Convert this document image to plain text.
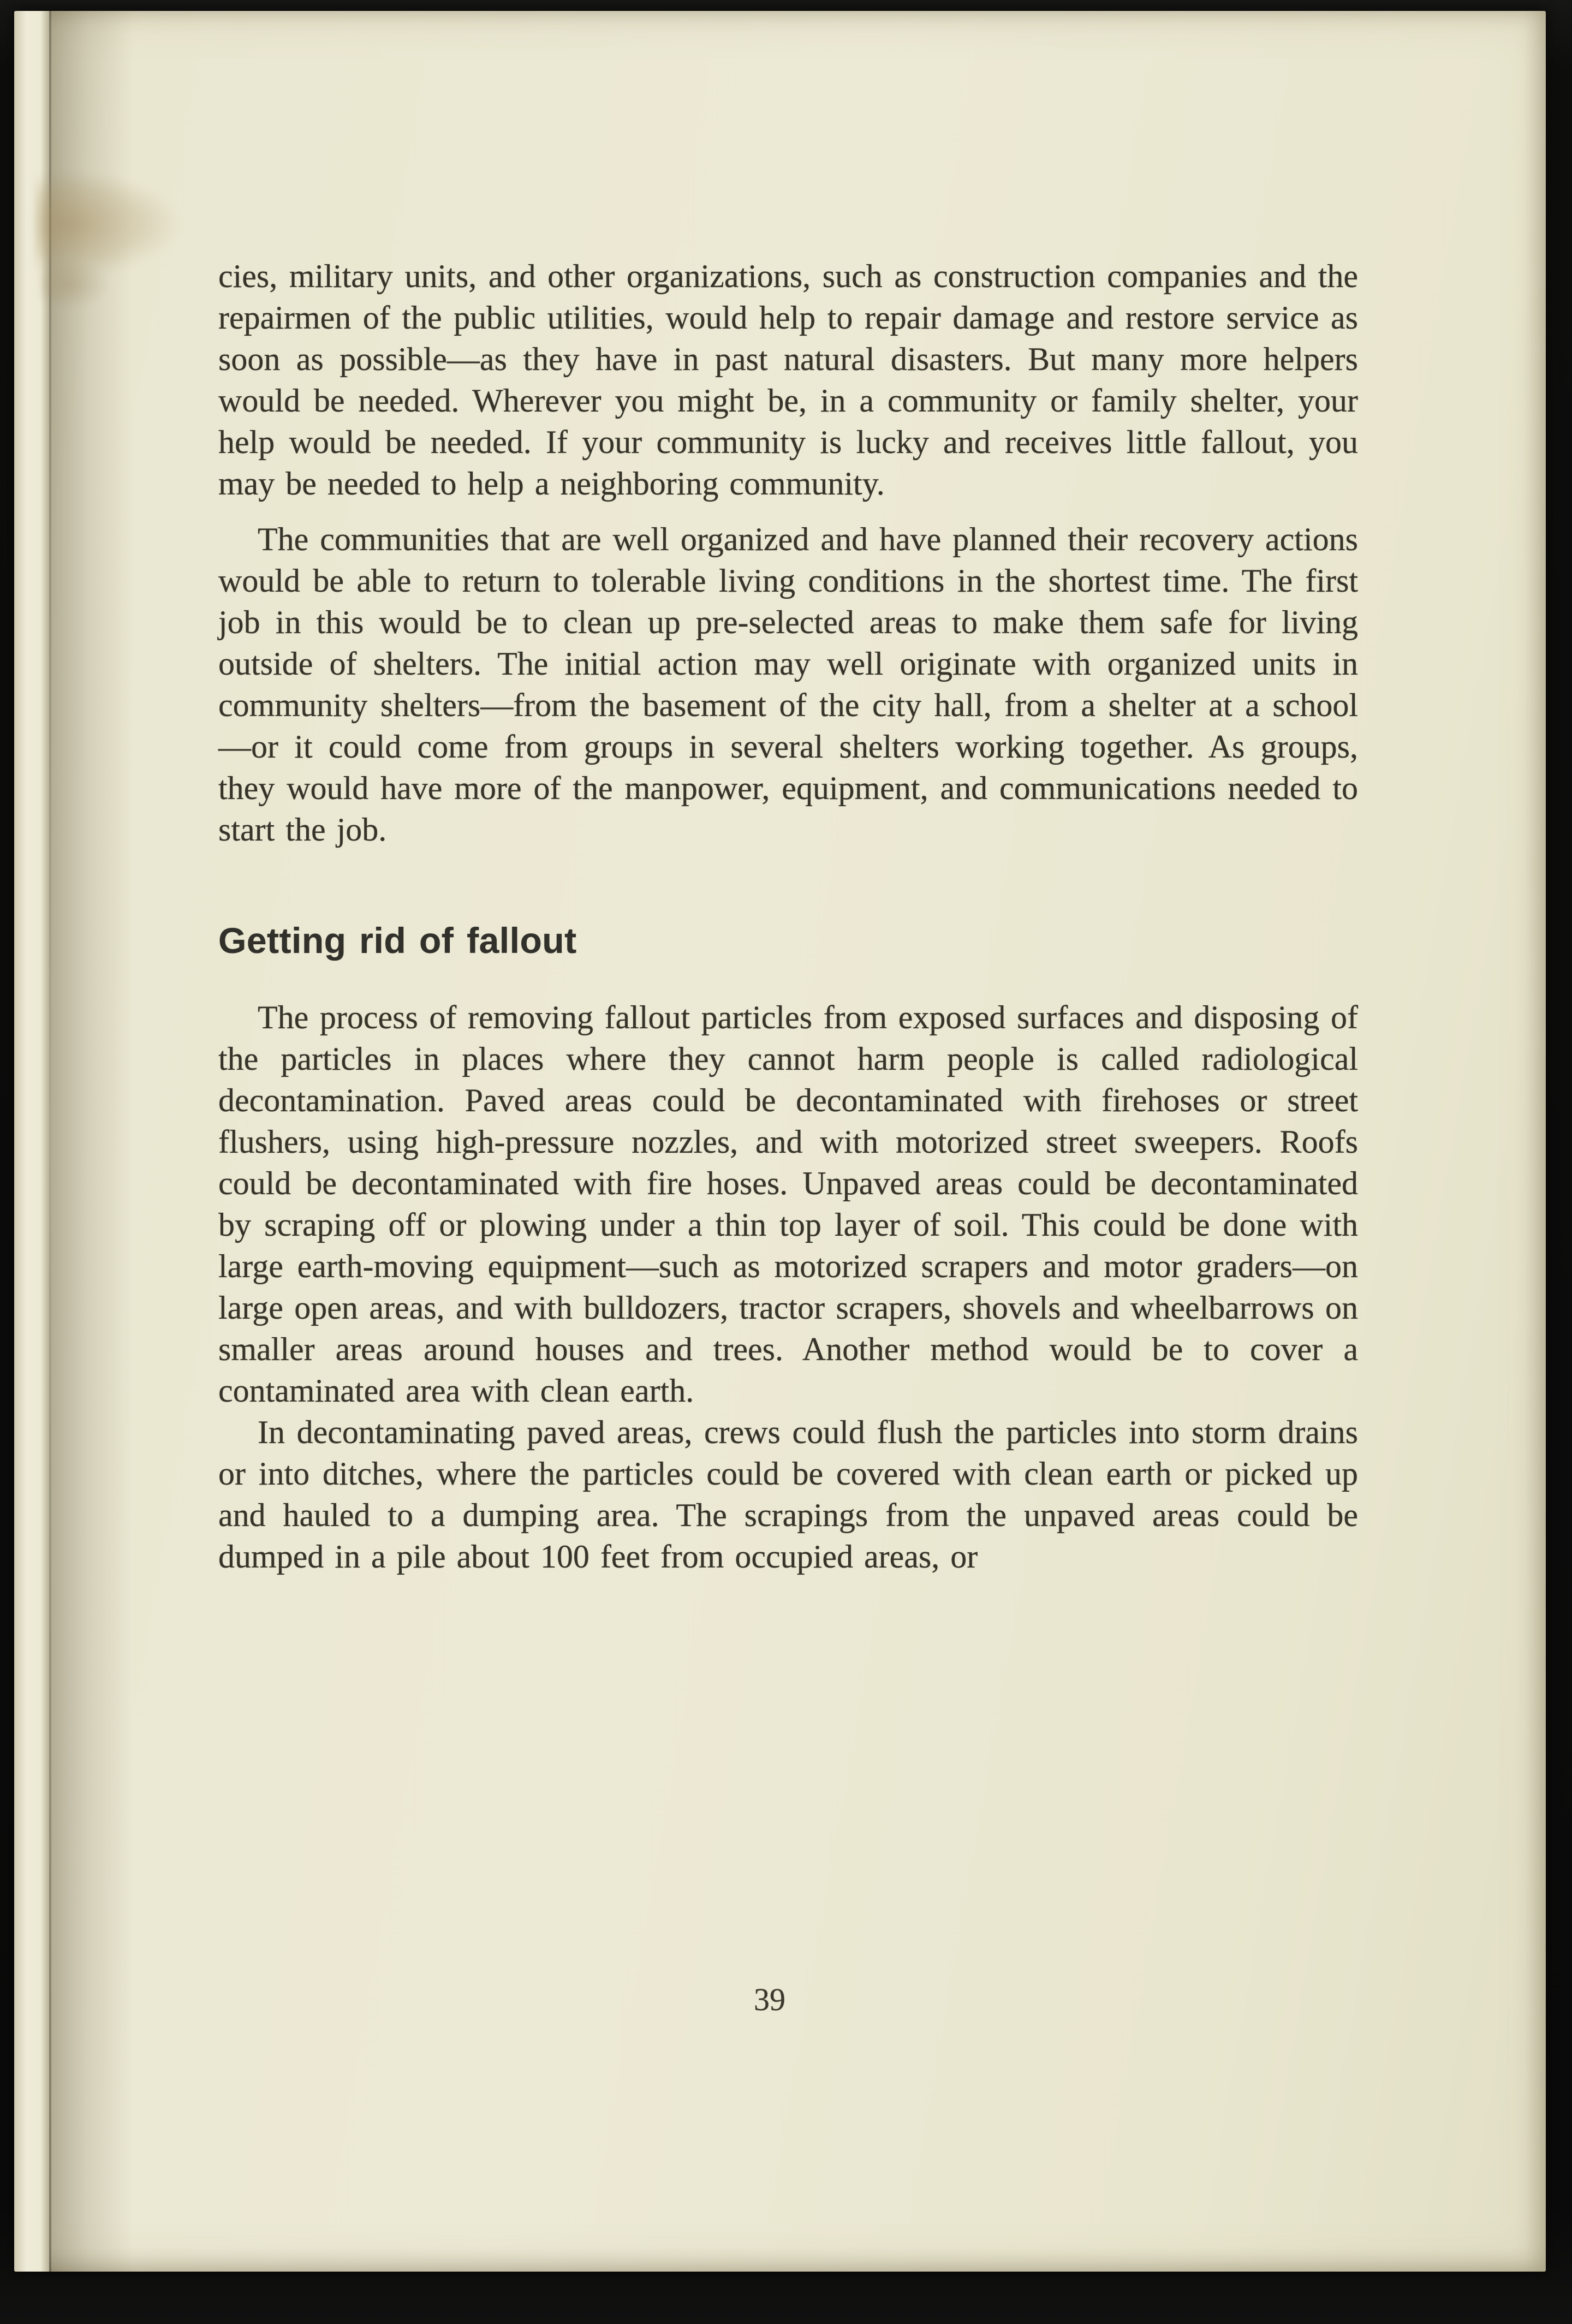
cies, military units, and other organizations, such as construction companies and the repairmen of the public utilities, would help to repair damage and restore service as soon as possible—as they have in past natural disasters. But many more helpers would be needed. Wherever you might be, in a community or family shelter, your help would be needed. If your community is lucky and receives little fallout, you may be needed to help a neighboring community.

The communities that are well organized and have planned their recovery actions would be able to return to tolerable living conditions in the shortest time. The first job in this would be to clean up pre-selected areas to make them safe for living outside of shelters. The initial action may well originate with organized units in community shelters—from the basement of the city hall, from a shelter at a school—or it could come from groups in several shelters working together. As groups, they would have more of the manpower, equipment, and communications needed to start the job.

Getting rid of fallout

The process of removing fallout particles from exposed surfaces and disposing of the particles in places where they cannot harm people is called radiological decontamination. Paved areas could be decontaminated with firehoses or street flushers, using high-pressure nozzles, and with motorized street sweepers. Roofs could be decontaminated with fire hoses. Unpaved areas could be decontaminated by scraping off or plowing under a thin top layer of soil. This could be done with large earth-moving equipment—such as motorized scrapers and motor graders—on large open areas, and with bulldozers, tractor scrapers, shovels and wheelbarrows on smaller areas around houses and trees. Another method would be to cover a contaminated area with clean earth.

In decontaminating paved areas, crews could flush the particles into storm drains or into ditches, where the particles could be covered with clean earth or picked up and hauled to a dumping area. The scrapings from the unpaved areas could be dumped in a pile about 100 feet from occupied areas, or

39
